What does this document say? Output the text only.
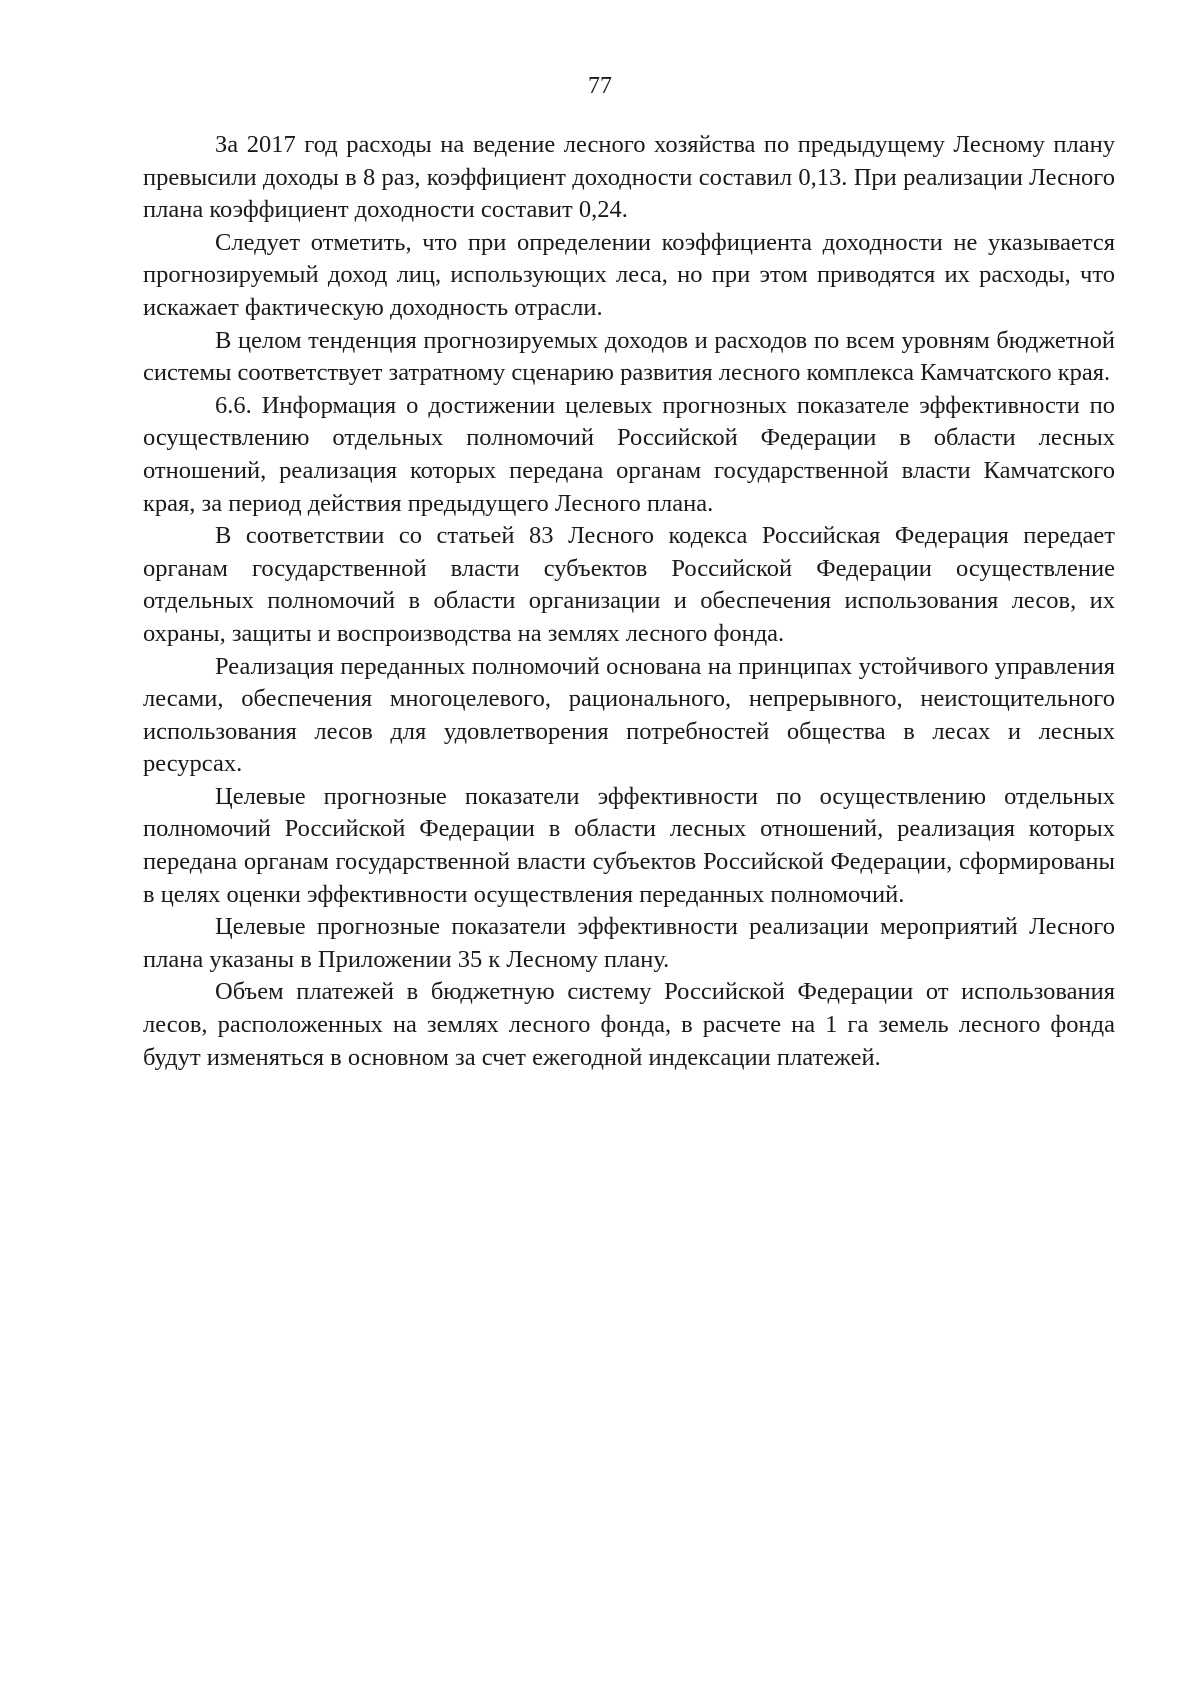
77

За 2017 год расходы на ведение лесного хозяйства по предыдущему Лесному плану превысили доходы в 8 раз, коэффициент доходности составил 0,13. При реализации Лесного плана коэффициент доходности составит 0,24.

Следует отметить, что при определении коэффициента доходности не указывается прогнозируемый доход лиц, использующих леса, но при этом приводятся их расходы, что искажает фактическую доходность отрасли.

В целом тенденция прогнозируемых доходов и расходов по всем уровням бюджетной системы соответствует затратному сценарию развития лесного комплекса Камчатского края.

6.6. Информация о достижении целевых прогнозных показателе эффективности по осуществлению отдельных полномочий Российской Федерации в области лесных отношений, реализация которых передана органам государственной власти Камчатского края, за период действия предыдущего Лесного плана.

В соответствии со статьей 83 Лесного кодекса Российская Федерация передает органам государственной власти субъектов Российской Федерации осуществление отдельных полномочий в области организации и обеспечения использования лесов, их охраны, защиты и воспроизводства на землях лесного фонда.

Реализация переданных полномочий основана на принципах устойчивого управления лесами, обеспечения многоцелевого, рационального, непрерывного, неистощительного использования лесов для удовлетворения потребностей общества в лесах и лесных ресурсах.

Целевые прогнозные показатели эффективности по осуществлению отдельных полномочий Российской Федерации в области лесных отношений, реализация которых передана органам государственной власти субъектов Российской Федерации, сформированы в целях оценки эффективности осуществления переданных полномочий.

Целевые прогнозные показатели эффективности реализации мероприятий Лесного плана указаны в Приложении 35 к Лесному плану.

Объем платежей в бюджетную систему Российской Федерации от использования лесов, расположенных на землях лесного фонда, в расчете на 1 га земель лесного фонда будут изменяться в основном за счет ежегодной индексации платежей.
